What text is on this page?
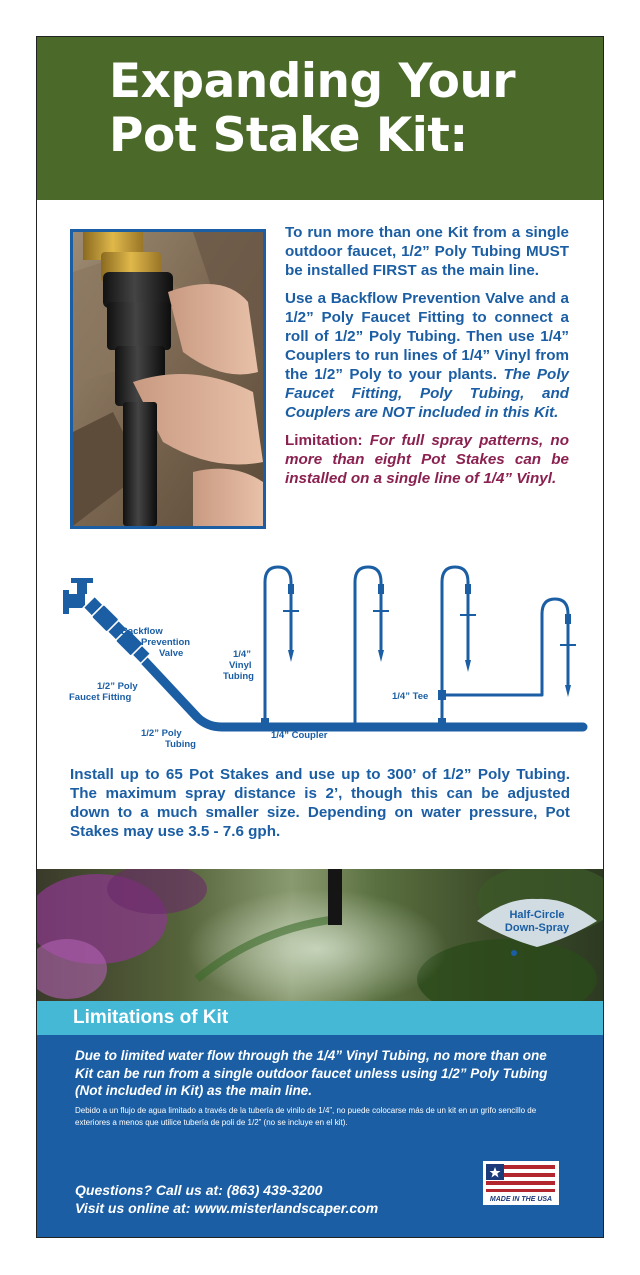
Expanding Your
Pot Stake Kit:

To run more than one Kit from a single outdoor faucet, 1/2” Poly Tubing MUST be installed FIRST as the main line.

Use a Backflow Prevention Valve and a 1/2” Poly Faucet Fitting to connect a roll of 1/2” Poly Tubing. Then use 1/4” Couplers to run lines of 1/4” Vinyl from the 1/2” Poly to your plants. The Poly Faucet Fitting, Poly Tubing, and Couplers are NOT included in this Kit.

Limitation: For full spray patterns, no more than eight Pot Stakes can be installed on a single line of 1/4” Vinyl.

Backflow
Prevention
Valve
1/2” Poly
Faucet Fitting
1/2” Poly
Tubing
1/4”
Vinyl
Tubing
1/4” Coupler
1/4” Tee

Install up to 65 Pot Stakes and use up to 300’ of 1/2” Poly Tubing. The maximum spray distance is 2’, though this can be adjusted down to a much smaller size. Depending on water pressure, Pot Stakes may use 3.5 - 7.6 gph.

Half-Circle
Down-Spray
Limitations of Kit

Due to limited water flow through the 1/4” Vinyl Tubing, no more than one Kit can be run from a single outdoor faucet unless using 1/2” Poly Tubing (Not included in Kit) as the main line.

Debido a un flujo de agua limitado a través de la tubería de vinilo de 1/4”, no puede colocarse más de un kit en un grifo sencillo de exteriores a menos que utilice tubería de poli de 1/2” (no se incluye en el kit).

Questions? Call us at: (863) 439-3200
Visit us online at: www.misterlandscaper.com

MADE IN THE USA
